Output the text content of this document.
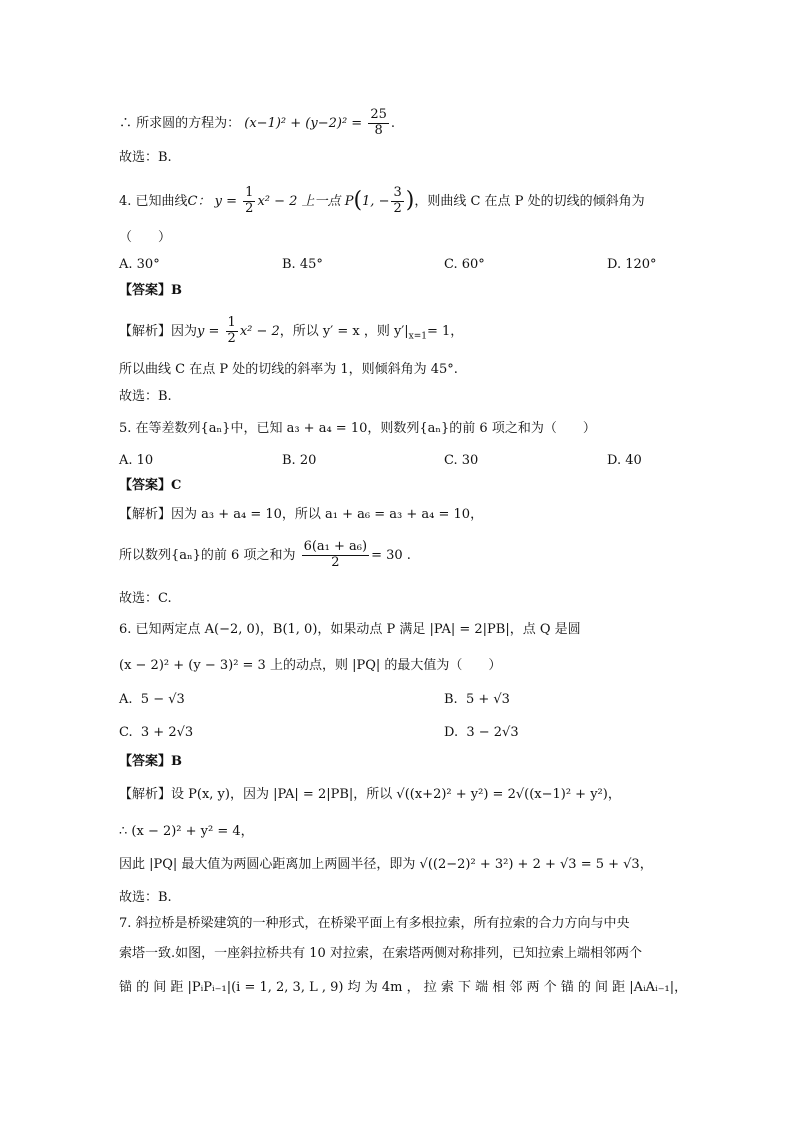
∴ 所求圆的方程为： $(x-1)^2 + (y-2)^2 = \frac{25}{8}$ .
故选：B.
4. 已知曲线C： $y = \frac{1}{2} x^2 - 2$ 上一点 P(1, − $\frac{3}{2}$ )，则曲线 C 在点 P 处的切线的倾斜角为
（　　）
A. 30°	B. 45°	C. 60°	D. 120°
【答案】B
【解析】因为$y = \frac{1}{2} x^2 - 2$，所以 y′ = x ，则 $y'|_{x=1}= 1$，
所以曲线 C 在点 P 处的切线的斜率为 1，则倾斜角为 45°.
故选：B.
5. 在等差数列{aₙ}中，已知 a₃ + a₄ = 10，则数列{aₙ}的前 6 项之和为（　　）
A. 10	B. 20	C. 30	D. 40
【答案】C
【解析】因为 a₃ + a₄ = 10，所以 a₁ + a₆ = a₃ + a₄ = 10，
所以数列{aₙ}的前 6 项之和为 $\frac{\text{6(a₁ + a₆)}}{2} = 30$ .
故选：C.
6. 已知两定点 A(−2, 0)，B(1, 0)，如果动点 P 满足 |PA| = 2|PB|，点 Q 是圆
(x − 2)² + (y − 3)² = 3 上的动点，则 |PQ| 的最大值为（　　）
A. 5 − √3	B. 5 + √3
C. 3 + 2√3	D. 3 − 2√3
【答案】B
【解析】设 P(x, y)，因为 |PA| = 2|PB|，所以 √((x+2)² + y²) = 2√((x−1)² + y²)，
∴ (x − 2)² + y² = 4，
因此 |PQ| 最大值为两圆心距离加上两圆半径，即为 √((2−2)² + 3²) + 2 + √3 = 5 + √3，
故选：B.
7. 斜拉桥是桥梁建筑的一种形式，在桥梁平面上有多根拉索，所有拉索的合力方向与中央
索塔一致.如图，一座斜拉桥共有 10 对拉索，在索塔两侧对称排列，已知拉索上端相邻两个
锚 的 间 距 |PᵢPᵢ₋₁|(i = 1, 2, 3, L , 9) 均 为 4m ， 拉 索 下 端 相 邻 两 个 锚 的 间 距 |AᵢAᵢ₋₁|，
